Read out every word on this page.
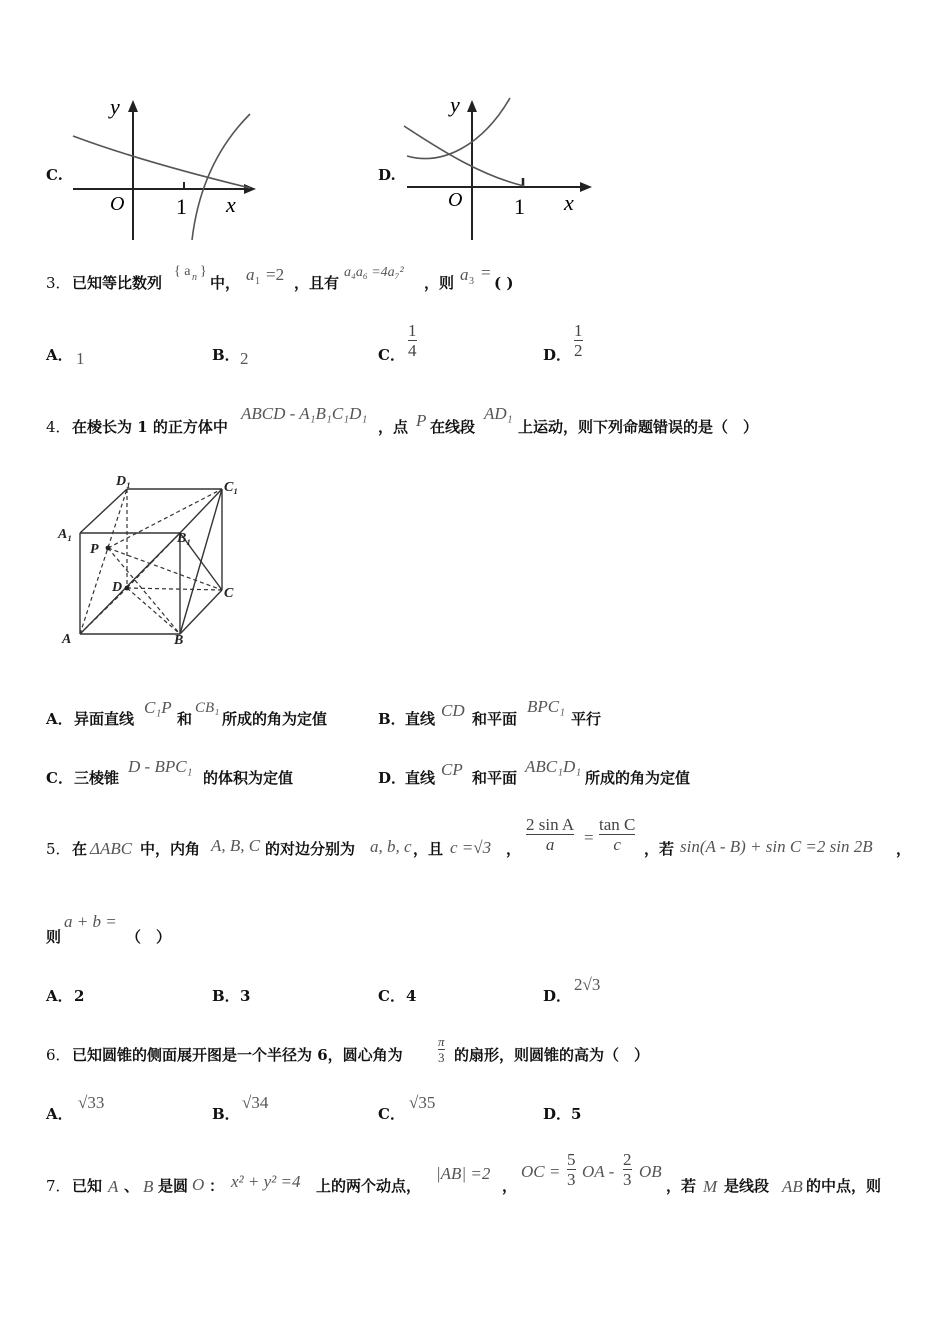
C.
y
O 1 x
D.
y
O 1 x
3． 已知等比数列
{ a n }
中， a 1 =2 ，且有
a₄a₆ =4a₇²
，则 a 3 =
( )
A． 1	B． 2	C．
1
4	D．
1
2
4． 在棱长为 1 的正方体中
ABCD - A₁B₁C₁D₁
，点 P 在线段
AD₁
上运动，则下列命题错误的是（　）
D₁	C₁
A₁	B₁
P
D	C
A	B
A． 异面直线
C₁P
和
CB₁
所成的角为定值	B． 直线 CD 和平面
BPC₁
平行
C． 三棱锥
D - BPC₁
的体积为定值	D．
直线 CP 和平面
ABC₁D₁
所成的角为定值
5． 在 ΔABC 中，内角 A, B, C 的对边分别为 a, b, c ，且 c =√3 ，
2 sin A
a =
tan C
c ，若 sin(A - B) + sin C =2 sin 2B ，
则
a + b =
（　）
A． 2	B． 3	C． 4	D．
2√3
6． 已知圆锥的侧面展开图是一个半径为 6，圆心角为
π
3 的扇形，则圆锥的高为（　）
A．
√33
B．
√34
C．
√35
D． 5
7． 已知 A 、 B 是圆 O ： x² + y² =4 上的两个动点，
|AB| =2
，
OC =
5
3 OA -
2
3 OB
，若 M 是线段 AB 的中点，则
